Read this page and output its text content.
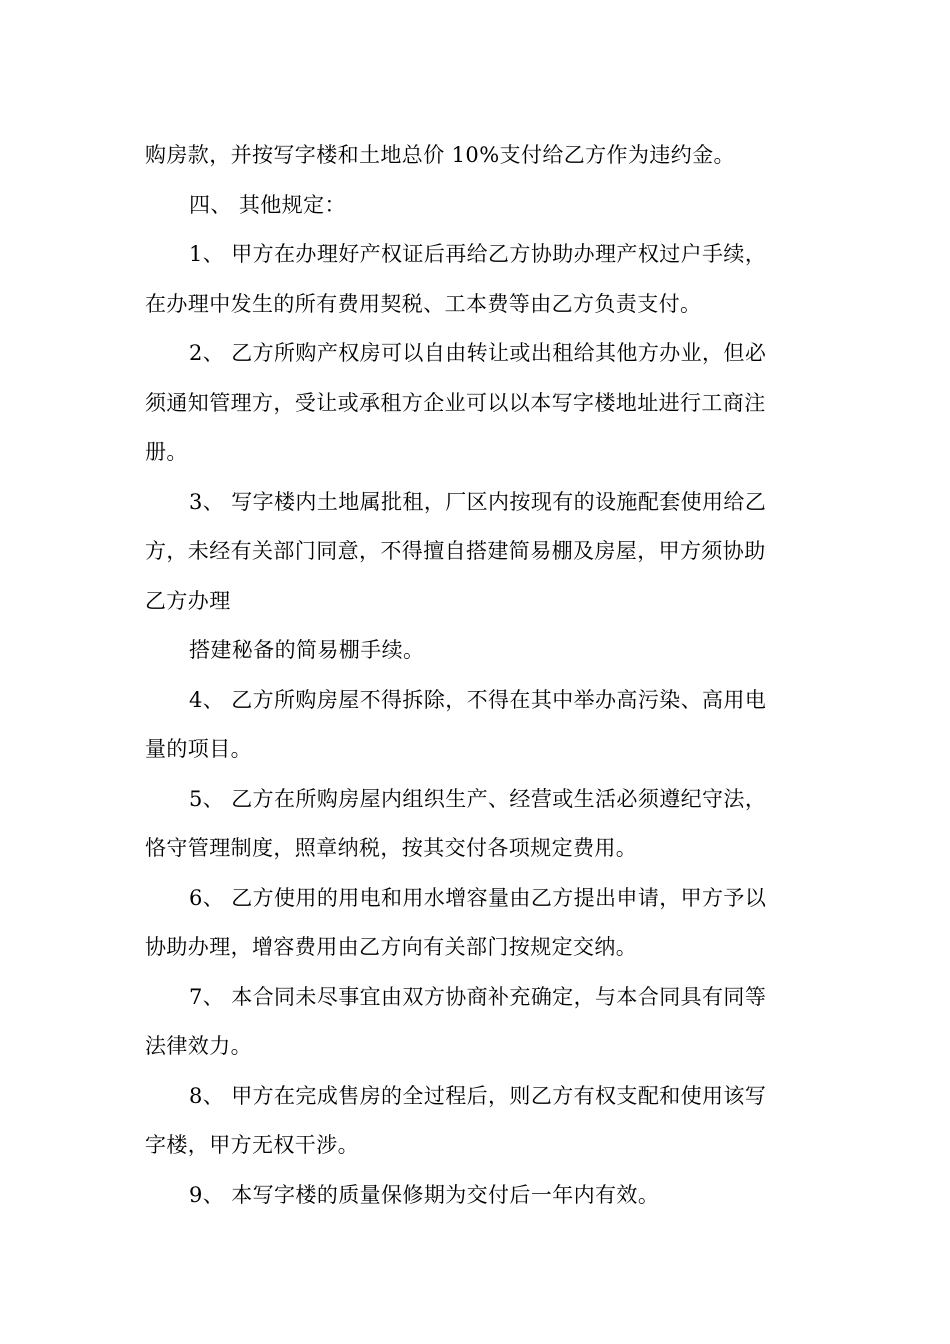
购房款，并按写字楼和土地总价 10%支付给乙方作为违约金。
四、 其他规定：
1、 甲方在办理好产权证后再给乙方协助办理产权过户手续，
在办理中发生的所有费用契税、工本费等由乙方负责支付。
2、 乙方所购产权房可以自由转让或出租给其他方办业，但必
须通知管理方，受让或承租方企业可以以本写字楼地址进行工商注
册。
3、 写字楼内土地属批租，厂区内按现有的设施配套使用给乙
方，未经有关部门同意，不得擅自搭建简易棚及房屋，甲方须协助
乙方办理
搭建秘备的简易棚手续。
4、 乙方所购房屋不得拆除，不得在其中举办高污染、高用电
量的项目。
5、 乙方在所购房屋内组织生产、经营或生活必须遵纪守法，
恪守管理制度，照章纳税，按其交付各项规定费用。
6、 乙方使用的用电和用水增容量由乙方提出申请，甲方予以
协助办理，增容费用由乙方向有关部门按规定交纳。
7、 本合同未尽事宜由双方协商补充确定，与本合同具有同等
法律效力。
8、 甲方在完成售房的全过程后，则乙方有权支配和使用该写
字楼，甲方无权干涉。
9、 本写字楼的质量保修期为交付后一年内有效。
